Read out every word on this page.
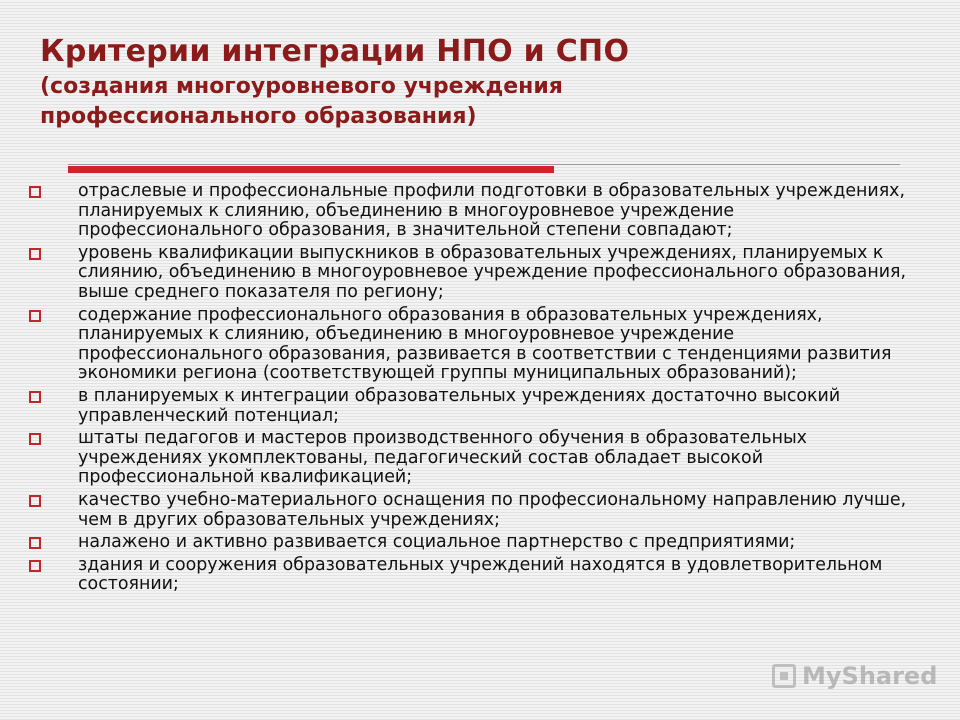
Критерии интеграции НПО и СПО
(создания многоуровневого учреждения
профессионального образования)
отраслевые и профессиональные профили подготовки в образовательных учреждениях, планируемых к слиянию, объединению в многоуровневое учреждение профессионального образования, в значительной степени совпадают;
уровень квалификации выпускников в образовательных учреждениях, планируемых к слиянию, объединению в многоуровневое учреждение профессионального образования, выше среднего показателя по региону;
содержание профессионального образования в образовательных учреждениях, планируемых к слиянию, объединению в многоуровневое учреждение профессионального образования, развивается в соответствии с тенденциями развития экономики региона (соответствующей группы муниципальных образований);
в планируемых к интеграции образовательных учреждениях достаточно высокий управленческий потенциал;
штаты педагогов и мастеров производственного обучения в образовательных учреждениях укомплектованы, педагогический состав обладает высокой профессиональной квалификацией;
качество учебно-материального оснащения по профессиональному направлению лучше, чем в других образовательных учреждениях;
налажено и активно развивается социальное партнерство с предприятиями;
здания и сооружения образовательных учреждений находятся в удовлетворительном состоянии;
MyShared
